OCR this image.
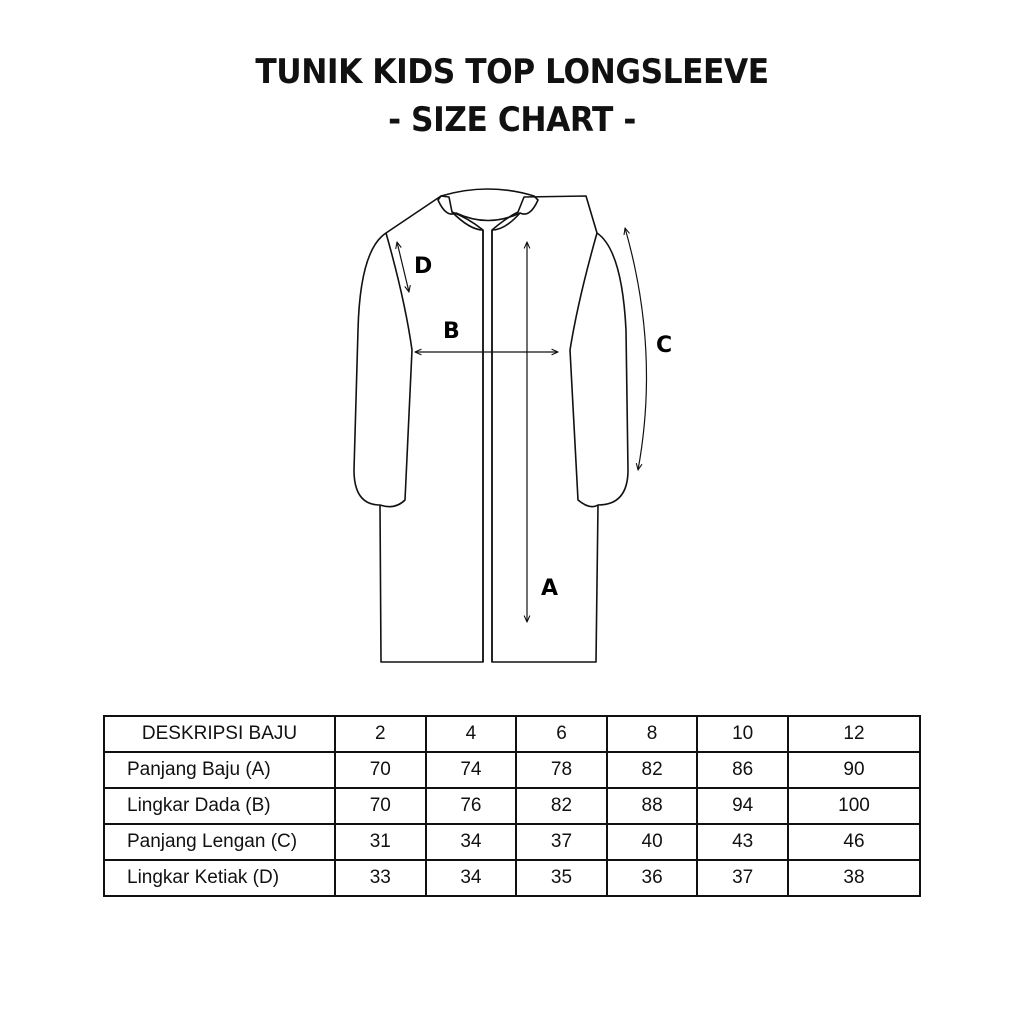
TUNIK KIDS TOP LONGSLEEVE
- SIZE CHART -
A
B
C
D
DESKRIPSI BAJU	2	4	6	8	10	12
Panjang Baju (A)	70	74	78	82	86	90
Lingkar Dada (B)	70	76	82	88	94	100
Panjang Lengan (C)	31	34	37	40	43	46
Lingkar Ketiak (D)	33	34	35	36	37	38
